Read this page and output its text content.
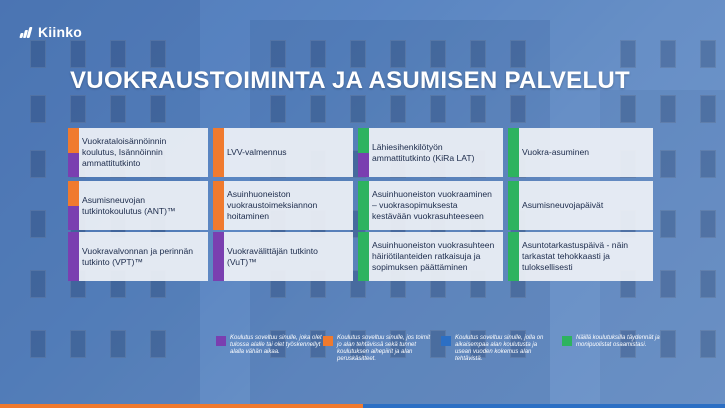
Kiinko
VUOKRAUSTOIMINTA JA ASUMISEN PALVELUT
Vuokrataloisännöinnin koulutus, Isännöinnin ammattitutkinto
LVV-valmennus
Lähiesihenkilötyön ammattitutkinto (KiRa LAT)
Vuokra-asuminen
Asumisneuvojan tutkintokoulutus (ANT)™
Asuinhuoneiston vuokraustoimeksiannon hoitaminen
Asuinhuoneiston vuokraaminen – vuokrasopimuksesta kestävään vuokrasuhteeseen
Asumisneuvojapäivät
Vuokravalvonnan ja perinnän tutkinto (VPT)™
Vuokravälittäjän tutkinto (VuT)™
Asuinhuoneiston vuokrasuhteen häiriötilanteiden ratkaisuja ja sopimuksen päättäminen
Asuntotarkastuspäivä - näin tarkastat tehokkaasti ja tuloksellisesti
Koulutus soveltuu sinulle, joka olet tulossa alalle tai olet työskennellyt alalla vähän aikaa.
Koulutus soveltuu sinulle, jos toimit jo alan tehtävissä sekä tunnet koulutuksen aihepiirit ja alan peruskäsitteet.
Koulutus soveltuu sinulle, jolla on aikaisempaa alan koulutusta ja usean vuoden kokemus alan tehtävistä.
Näillä koulutuksilla täydennät ja monipuolistat osaamistasi.
